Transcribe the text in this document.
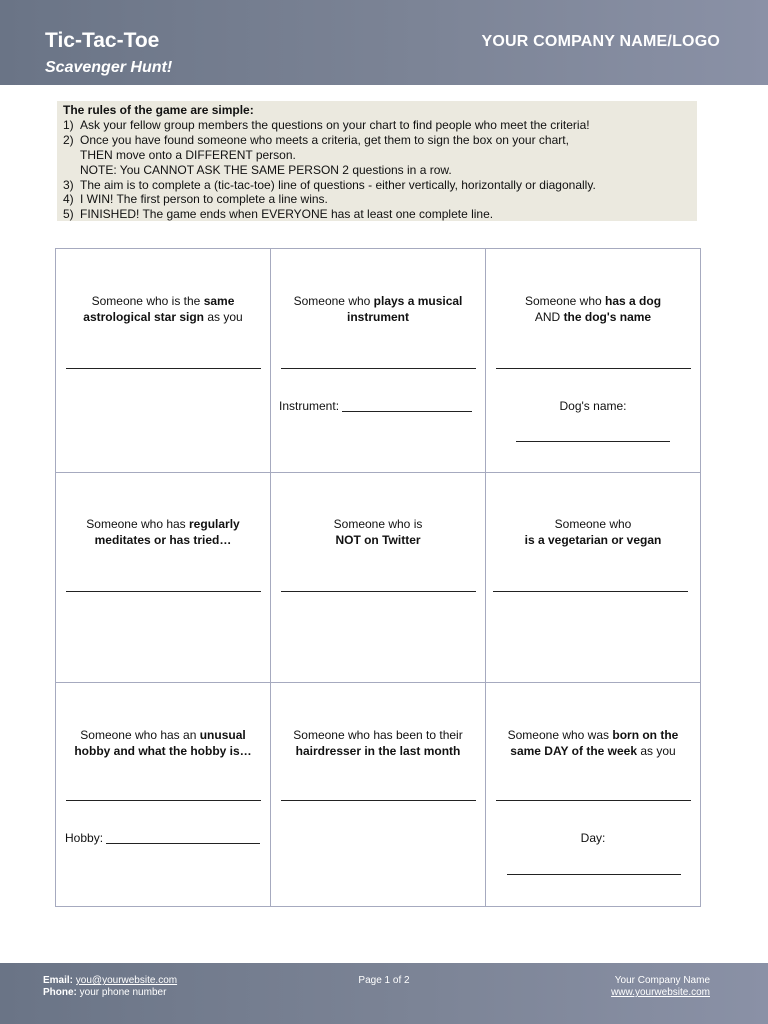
Tic-Tac-Toe
Scavenger Hunt!
YOUR COMPANY NAME/LOGO
The rules of the game are simple:
1) Ask your fellow group members the questions on your chart to find people who meet the criteria!
2) Once you have found someone who meets a criteria, get them to sign the box on your chart,
THEN move onto a DIFFERENT person.
NOTE: You CANNOT ASK THE SAME PERSON 2 questions in a row.
3) The aim is to complete a (tic-tac-toe) line of questions - either vertically, horizontally or diagonally.
4) I WIN! The first person to complete a line wins.
5) FINISHED! The game ends when EVERYONE has at least one complete line.
Someone who is the same
astrological star sign as you
Someone who plays a musical
instrument
Instrument:
Someone who has a dog
AND the dog's name
Dog's name:
Someone who has regularly
meditates or has tried…
Someone who is
NOT on Twitter
Someone who
is a vegetarian or vegan
Someone who has an unusual
hobby and what the hobby is…
Hobby:
Someone who has been to their
hairdresser in the last month
Someone who was born on the
same DAY of the week as you
Day:
Email: you@yourwebsite.com
Phone: your phone number
Page 1 of 2	Your Company Name
www.yourwebsite.com
